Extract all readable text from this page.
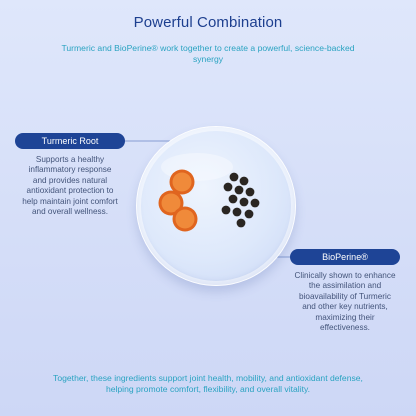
Powerful Combination
Turmeric and BioPerine® work together to create a powerful, science-backed synergy
Turmeric Root
Supports a healthy inflammatory response and provides natural antioxidant protection to help maintain joint comfort and overall wellness.
BioPerine®
Clinically shown to enhance the assimilation and bioavailability of Turmeric and other key nutrients, maximizing their effectiveness.
Together, these ingredients support joint health, mobility, and antioxidant defense, helping promote comfort, flexibility, and overall vitality.
